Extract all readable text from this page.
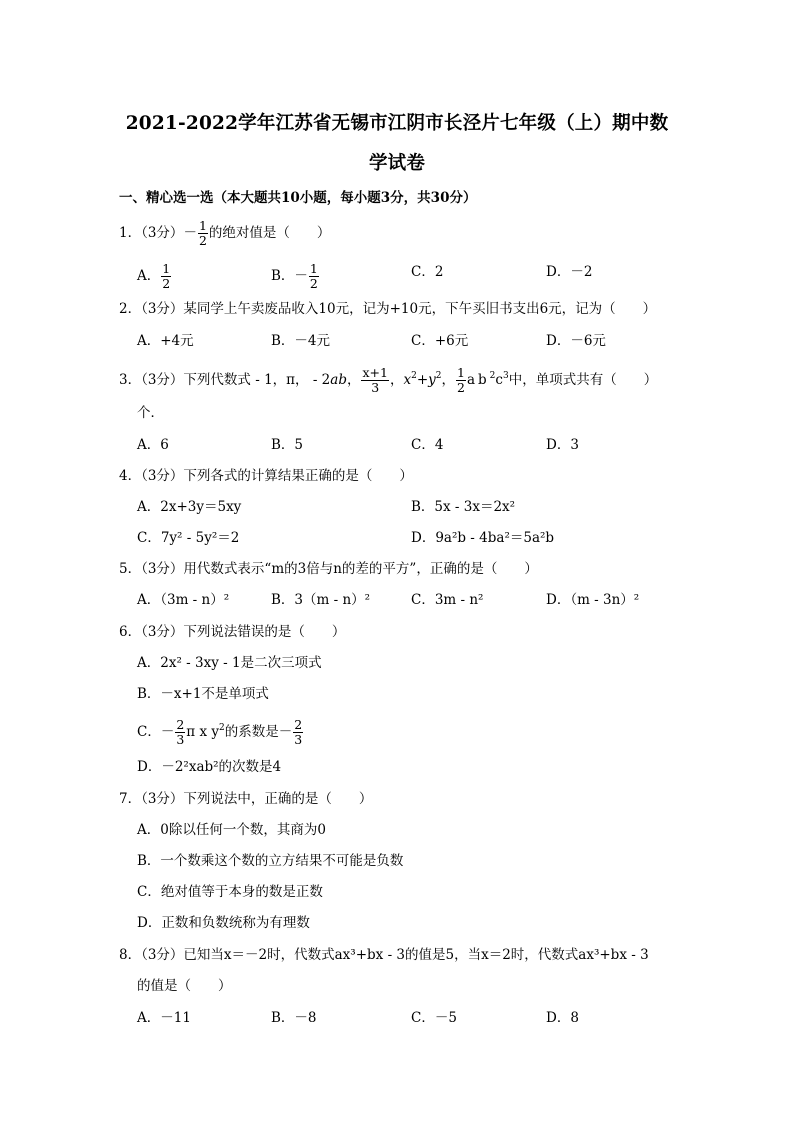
2021-2022学年江苏省无锡市江阴市长泾片七年级（上）期中数
学试卷
一、精心选一选（本大题共10小题，每小题3分，共30分）
1．（3分）－ $\frac{1}{2}$ 的绝对值是（　　）
A． $\frac{1}{2}$	B．－ $\frac{1}{2}$	C．2	D．－2
2．（3分）某同学上午卖废品收入10元，记为+10元，下午买旧书支出6元，记为（　　）
A．+4元	B．－4元	C．+6元	D．－6元
3．（3分）下列代数式 - 1，π， - 2ab， $\frac{x+1}{3}$ ，$x^2+y^2$， $\frac{1}{2} ab^2c^3$中，单项式共有（　　）
个．
A．6	B．5	C．4	D．3
4．（3分）下列各式的计算结果正确的是（　　）
A．2x+3y＝5xy	B．5x - 3x＝2x²
C．7y² - 5y²＝2	D．9a²b - 4ba²＝5a²b
5．（3分）用代数式表示“m的3倍与n的差的平方”，正确的是（　　）
A．（3m - n）²	B．3（m - n）²	C．3m - n²	D．（m - 3n）²
6．（3分）下列说法错误的是（　　）
A．2x² - 3xy - 1是二次三项式
B．－x+1不是单项式
C．－ $\frac{2}{3}$ π x $y^2$的系数是－ $\frac{2}{3}$
D．－2²xab²的次数是4
7．（3分）下列说法中，正确的是（　　）
A．0除以任何一个数，其商为0
B．一个数乘这个数的立方结果不可能是负数
C．绝对值等于本身的数是正数
D．正数和负数统称为有理数
8．（3分）已知当x＝－2时，代数式ax³+bx - 3的值是5，当x＝2时，代数式ax³+bx - 3
的值是（　　）
A．－11	B．－8	C．－5	D．8
